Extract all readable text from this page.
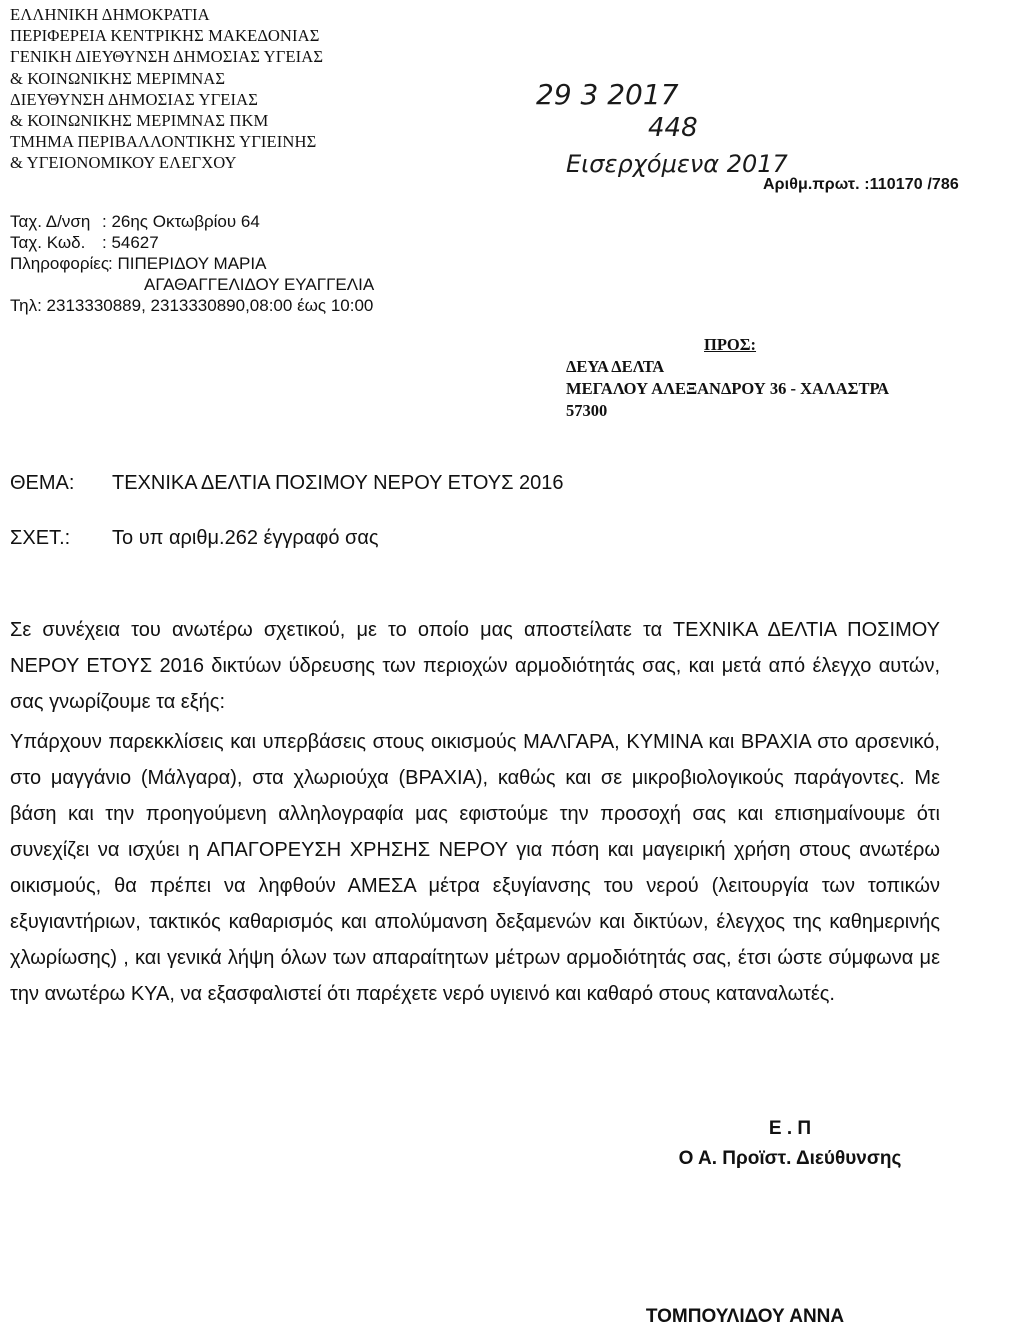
ΕΛΛΗΝΙΚΗ ΔΗΜΟΚΡΑΤΙΑ
ΠΕΡΙΦΕΡΕΙΑ ΚΕΝΤΡΙΚΗΣ ΜΑΚΕΔΟΝΙΑΣ
ΓΕΝΙΚΗ ΔΙΕΥΘΥΝΣΗ ΔΗΜΟΣΙΑΣ ΥΓΕΙΑΣ
& ΚΟΙΝΩΝΙΚΗΣ ΜΕΡΙΜΝΑΣ
ΔΙΕΥΘΥΝΣΗ ΔΗΜΟΣΙΑΣ ΥΓΕΙΑΣ
& ΚΟΙΝΩΝΙΚΗΣ ΜΕΡΙΜΝΑΣ ΠΚΜ
ΤΜΗΜΑ ΠΕΡΙΒΑΛΛΟΝΤΙΚΗΣ ΥΓΙΕΙΝΗΣ
& ΥΓΕΙΟΝΟΜΙΚΟΥ ΕΛΕΓΧΟΥ
Ταχ. Δ/νση : 26ης Οκτωβρίου 64
Ταχ. Κωδ. : 54627
Πληροφορίες: ΠΙΠΕΡΙΔΟΥ ΜΑΡΙΑ
ΑΓΑΘΑΓΓΕΛΙΔΟΥ ΕΥΑΓΓΕΛΙΑ
Τηλ: 2313330889, 2313330890,08:00 έως 10:00
29 3 2017
448
Εισερχόμενα 2017
Αριθμ.πρωτ. :110170 /786
ΠΡΟΣ:
ΔΕΥΑ ΔΕΛΤΑ
ΜΕΓΑΛΟΥ ΑΛΕΞΑΝΔΡΟΥ 36 - ΧΑΛΑΣΤΡΑ
57300
ΘΕΜΑ: ΤΕΧΝΙΚΑ ΔΕΛΤΙΑ ΠΟΣΙΜΟΥ ΝΕΡΟΥ ΕΤΟΥΣ 2016
ΣΧΕΤ.: Το υπ αριθμ.262 έγγραφό σας

Σε συνέχεια του ανωτέρω σχετικού, με το οποίο μας αποστείλατε τα ΤΕΧΝΙΚΑ ΔΕΛΤΙΑ ΠΟΣΙΜΟΥ ΝΕΡΟΥ ΕΤΟΥΣ 2016 δικτύων ύδρευσης των περιοχών αρμοδιότητάς σας, και μετά από έλεγχο αυτών, σας γνωρίζουμε τα εξής:

Υπάρχουν παρεκκλίσεις και υπερβάσεις στους οικισμούς ΜΑΛΓΑΡΑ, ΚΥΜΙΝΑ και ΒΡΑΧΙΑ στο αρσενικό, στο μαγγάνιο (Μάλγαρα), στα χλωριούχα (ΒΡΑΧΙΑ), καθώς και σε μικροβιολογικούς παράγοντες. Με βάση και την προηγούμενη αλληλογραφία μας εφιστούμε την προσοχή σας και επισημαίνουμε ότι συνεχίζει να ισχύει η ΑΠΑΓΟΡΕΥΣΗ ΧΡΗΣΗΣ ΝΕΡΟΥ για πόση και μαγειρική χρήση στους ανωτέρω οικισμούς, θα πρέπει να ληφθούν ΑΜΕΣΑ μέτρα εξυγίανσης του νερού (λειτουργία των τοπικών εξυγιαντήριων, τακτικός καθαρισμός και απολύμανση δεξαμενών και δικτύων, έλεγχος της καθημερινής χλωρίωσης) , και γενικά λήψη όλων των απαραίτητων μέτρων αρμοδιότητάς σας, έτσι ώστε σύμφωνα με την ανωτέρω ΚΥΑ, να εξασφαλιστεί ότι παρέχετε νερό υγιεινό και καθαρό στους καταναλωτές.

Ε . Π
Ο Α. Προϊστ. Διεύθυνσης
ΤΟΜΠΟΥΛΙΔΟΥ ΑΝΝΑ
